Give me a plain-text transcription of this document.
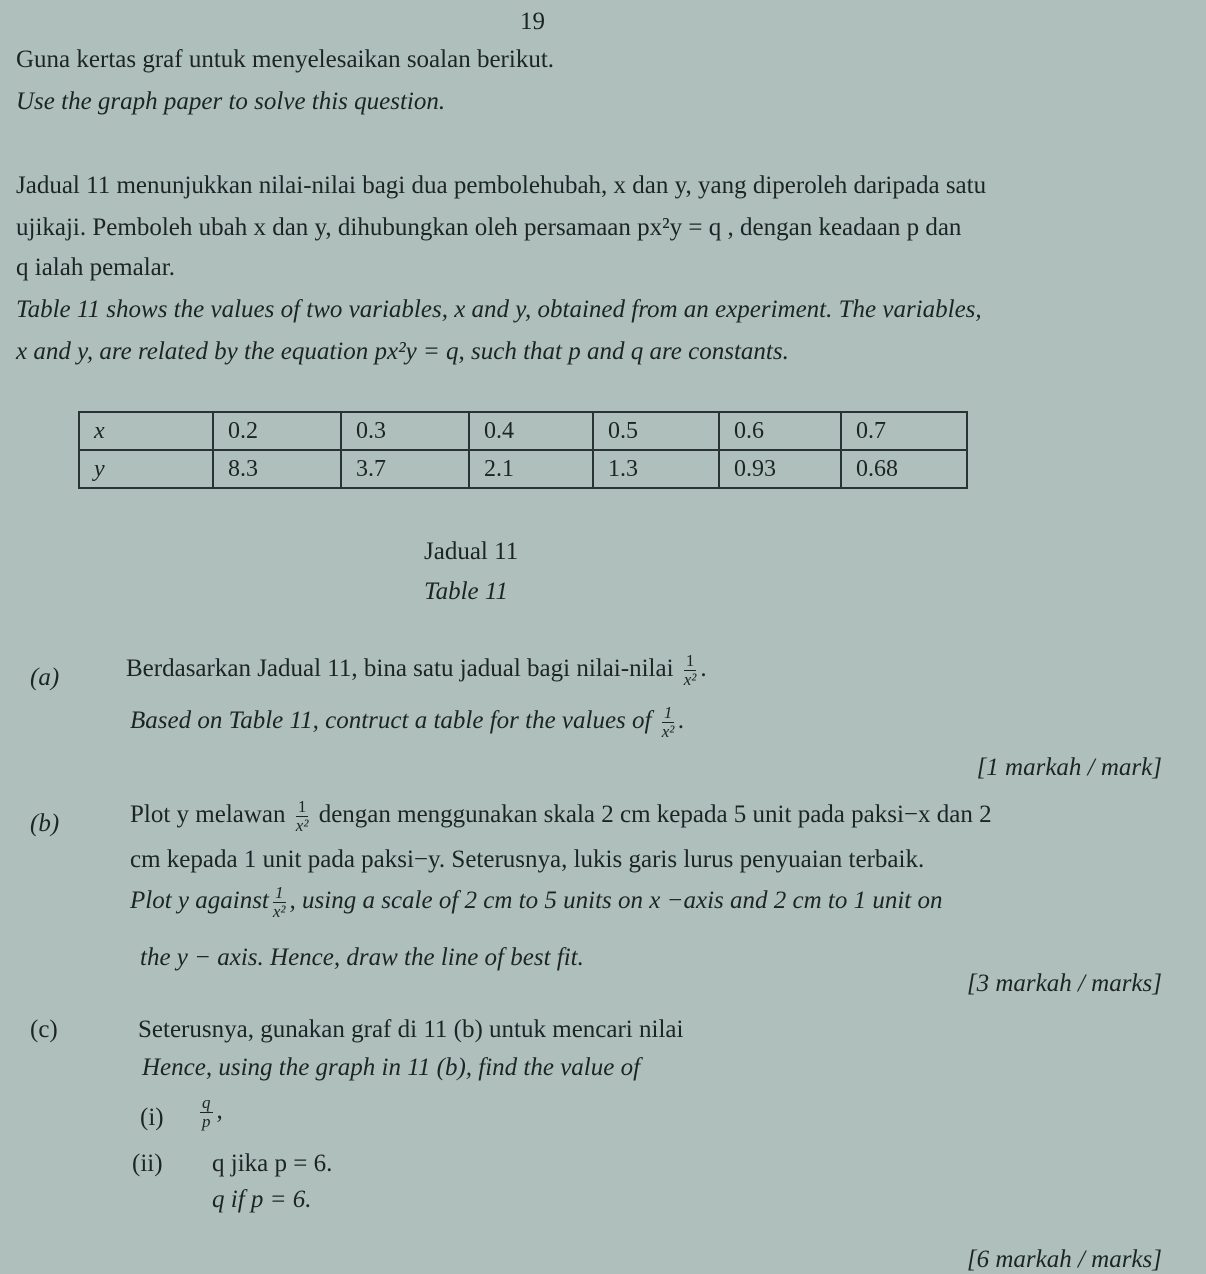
19
Guna kertas graf untuk menyelesaikan soalan berikut.
Use the graph paper to solve this question.
Jadual 11 menunjukkan nilai-nilai bagi dua pembolehubah, x dan y, yang diperoleh daripada satu
ujikaji. Pemboleh ubah x dan y, dihubungkan oleh persamaan px²y = q , dengan keadaan p dan
q ialah pemalar.
Table 11 shows the values of two variables, x and y, obtained from an experiment. The variables,
x and y, are related by the equation px²y = q, such that p and q are constants.
x	0.2	0.3	0.4	0.5	0.6	0.7
y	8.3	3.7	2.1	1.3	0.93	0.68
Jadual 11
Table 11
(a)	Berdasarkan Jadual 11, bina satu jadual bagi nilai-nilai $\frac{1}{\text{x²}}$ .
Based on Table 11, contruct a table for the values of $\frac{1}{\text{x²}}$ .
[1 markah / mark]
(b)	Plot y melawan $\frac{1}{\text{x²}}$ dengan menggunakan skala 2 cm kepada 5 unit pada paksi−x dan 2
cm kepada 1 unit pada paksi−y. Seterusnya, lukis garis lurus penyuaian terbaik.
Plot y against $\frac{1}{\text{x²}}$ , using a scale of 2 cm to 5 units on x −axis and 2 cm to 1 unit on
the y − axis. Hence, draw the line of best fit.
[3 markah / marks]
(c)	Seterusnya, gunakan graf di 11 (b) untuk mencari nilai
Hence, using the graph in 11 (b), find the value of
$(i) \frac{q}{p}$ ,
(ii) q jika p = 6.
q if p = 6.
[6 markah / marks]
